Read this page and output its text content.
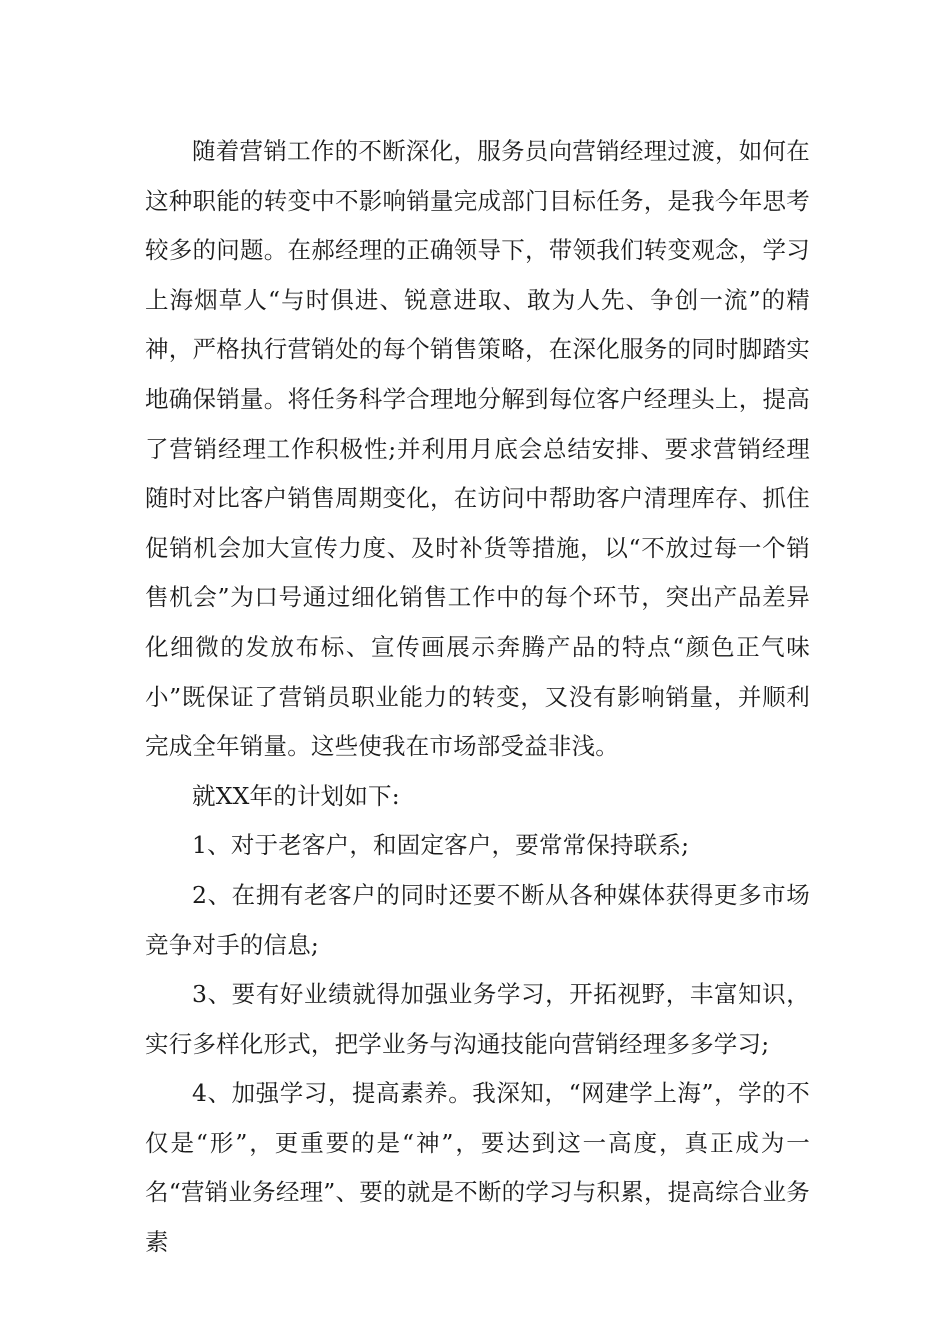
随着营销工作的不断深化，服务员向营销经理过渡，如何在这种职能的转变中不影响销量完成部门目标任务，是我今年思考较多的问题。在郝经理的正确领导下，带领我们转变观念，学习上海烟草人“与时俱进、锐意进取、敢为人先、争创一流”的精神，严格执行营销处的每个销售策略，在深化服务的同时脚踏实地确保销量。将任务科学合理地分解到每位客户经理头上，提高了营销经理工作积极性;并利用月底会总结安排、要求营销经理随时对比客户销售周期变化，在访问中帮助客户清理库存、抓住促销机会加大宣传力度、及时补货等措施，以“不放过每一个销售机会”为口号通过细化销售工作中的每个环节，突出产品差异化细微的发放布标、宣传画展示奔腾产品的特点“颜色正气味小”既保证了营销员职业能力的转变，又没有影响销量，并顺利完成全年销量。这些使我在市场部受益非浅。

就XX年的计划如下:

1、对于老客户，和固定客户，要常常保持联系;

2、在拥有老客户的同时还要不断从各种媒体获得更多市场竞争对手的信息;

3、要有好业绩就得加强业务学习，开拓视野，丰富知识，实行多样化形式，把学业务与沟通技能向营销经理多多学习;

4、加强学习，提高素养。我深知，“网建学上海”，学的不仅是“形”，更重要的是“神”，要达到这一高度，真正成为一名“营销业务经理”、要的就是不断的学习与积累，提高综合业务素
